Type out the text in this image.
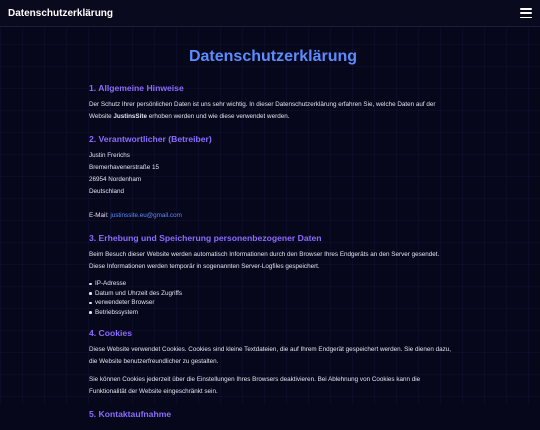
Datenschutzerklärung
Datenschutzerklärung
1. Allgemeine Hinweise

Der Schutz Ihrer persönlichen Daten ist uns sehr wichtig. In dieser Datenschutzerklärung erfahren Sie, welche Daten auf der Website JustinsSite erhoben werden und wie diese verwendet werden.

2. Verantwortlicher (Betreiber)

Justin Frerichs

Bremerhavenerstraße 15

26954 Nordenham

Deutschland

E-Mail: justinssite.eu@gmail.com

3. Erhebung und Speicherung personenbezogener Daten

Beim Besuch dieser Website werden automatisch Informationen durch den Browser Ihres Endgeräts an den Server gesendet. Diese Informationen werden temporär in sogenannten Server-Logfiles gespeichert.

IP-Adresse
Datum und Uhrzeit des Zugriffs
verwendeter Browser
Betriebssystem
4. Cookies

Diese Website verwendet Cookies. Cookies sind kleine Textdateien, die auf Ihrem Endgerät gespeichert werden. Sie dienen dazu, die Website benutzerfreundlicher zu gestalten.

Sie können Cookies jederzeit über die Einstellungen Ihres Browsers deaktivieren. Bei Ablehnung von Cookies kann die Funktionalität der Website eingeschränkt sein.

5. Kontaktaufnahme
